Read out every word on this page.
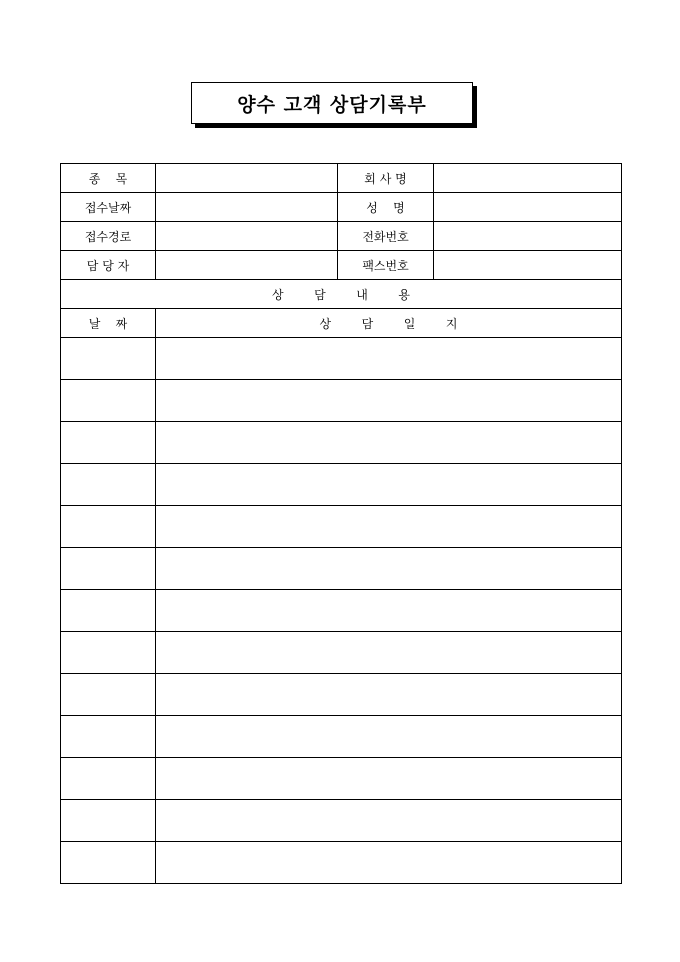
양수 고객 상담기록부
종    목		회 사 명	
접수날짜		성    명	
접수경로		전화번호	
담 당 자		팩스번호	
상        담        내        용			
날    짜	상        담        일        지		
